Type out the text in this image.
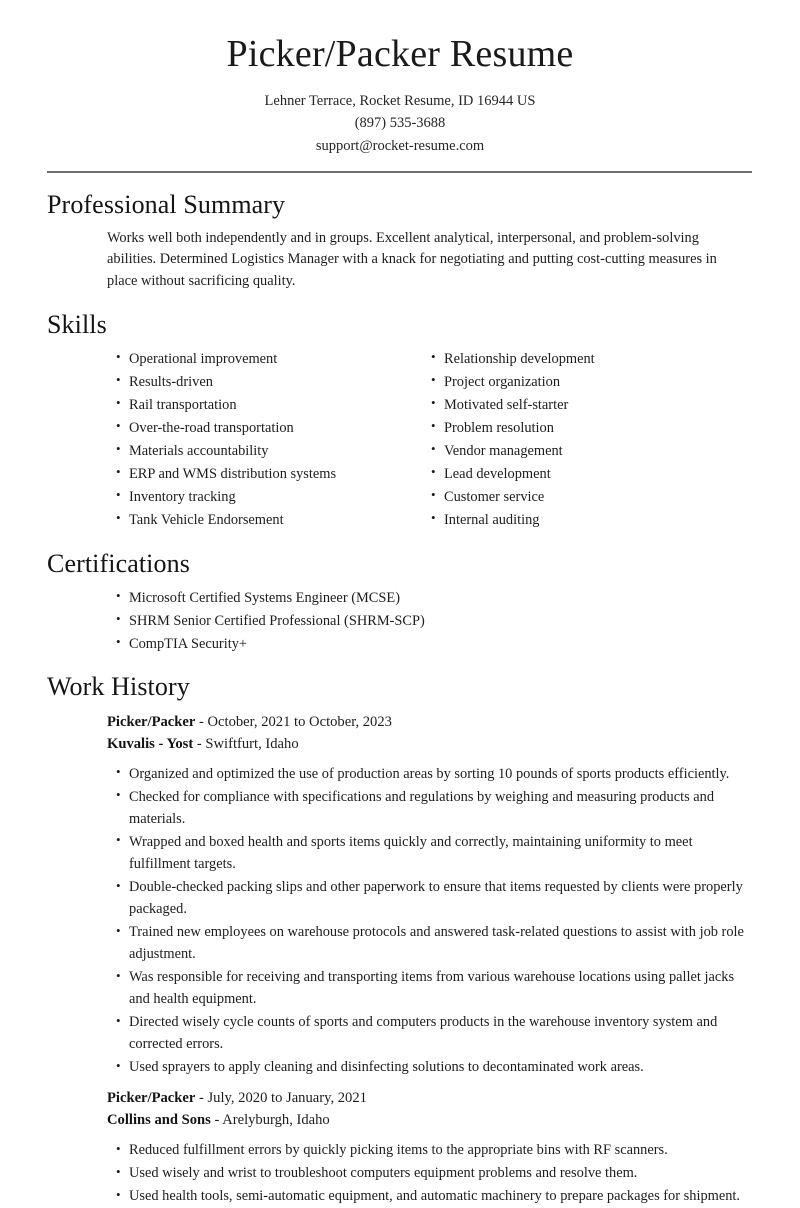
Picker/Packer Resume
Lehner Terrace, Rocket Resume, ID 16944 US
(897) 535-3688
support@rocket-resume.com
Professional Summary

Works well both independently and in groups. Excellent analytical, interpersonal, and problem-solving abilities. Determined Logistics Manager with a knack for negotiating and putting cost-cutting measures in place without sacrificing quality.

Skills
• Operational improvement
• Results-driven
• Rail transportation
• Over-the-road transportation
• Materials accountability
• ERP and WMS distribution systems
• Inventory tracking
• Tank Vehicle Endorsement
• Relationship development
• Project organization
• Motivated self-starter
• Problem resolution
• Vendor management
• Lead development
• Customer service
• Internal auditing
Certifications
• Microsoft Certified Systems Engineer (MCSE)
• SHRM Senior Certified Professional (SHRM-SCP)
• CompTIA Security+
Work History

Picker/Packer - October, 2021 to October, 2023

Kuvalis - Yost - Swiftfurt, Idaho

• Organized and optimized the use of production areas by sorting 10 pounds of sports products efficiently.
• Checked for compliance with specifications and regulations by weighing and measuring products and materials.
• Wrapped and boxed health and sports items quickly and correctly, maintaining uniformity to meet fulfillment targets.
• Double-checked packing slips and other paperwork to ensure that items requested by clients were properly packaged.
• Trained new employees on warehouse protocols and answered task-related questions to assist with job role adjustment.
• Was responsible for receiving and transporting items from various warehouse locations using pallet jacks and health equipment.
• Directed wisely cycle counts of sports and computers products in the warehouse inventory system and corrected errors.
• Used sprayers to apply cleaning and disinfecting solutions to decontaminated work areas.

Picker/Packer - July, 2020 to January, 2021

Collins and Sons - Arelyburgh, Idaho

• Reduced fulfillment errors by quickly picking items to the appropriate bins with RF scanners.
• Used wisely and wrist to troubleshoot computers equipment problems and resolve them.
• Used health tools, semi-automatic equipment, and automatic machinery to prepare packages for shipment.
